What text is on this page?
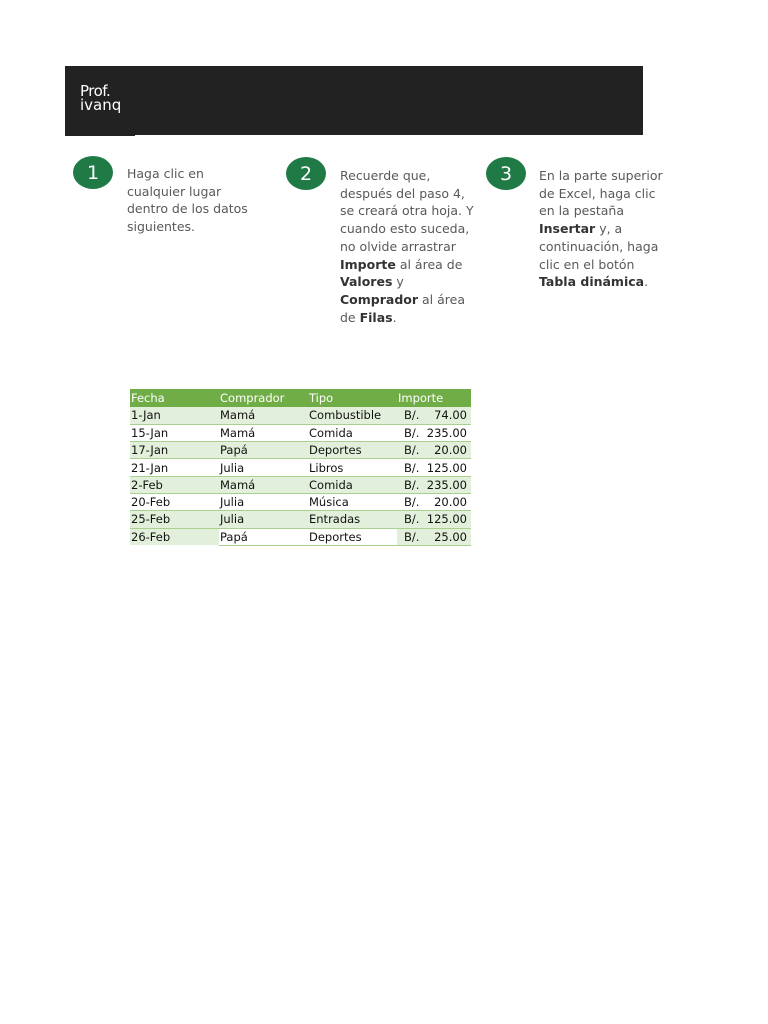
Prof.
ivanq
1 Haga clic en
cualquier lugar
dentro de los datos
siguientes.
2 Recuerde que,
después del paso 4,
se creará otra hoja. Y
cuando esto suceda,
no olvide arrastrar
Importe al área de
Valores y
Comprador al área
de Filas.
3 En la parte superior
de Excel, haga clic
en la pestaña
Insertar y, a
continuación, haga
clic en el botón
Tabla dinámica.
Fecha	Comprador	Tipo	Importe
1-Jan	Mamá	Combustible	B/. 74.00

15-Jan	Mamá	Comida	B/. 235.00

17-Jan	Papá	Deportes	B/. 20.00

21-Jan	Julia	Libros	B/. 125.00

2-Feb	Mamá	Comida	B/. 235.00

20-Feb	Julia	Música	B/. 20.00

25-Feb	Julia	Entradas	B/. 125.00

26-Feb	Papá	Deportes	B/. 25.00
